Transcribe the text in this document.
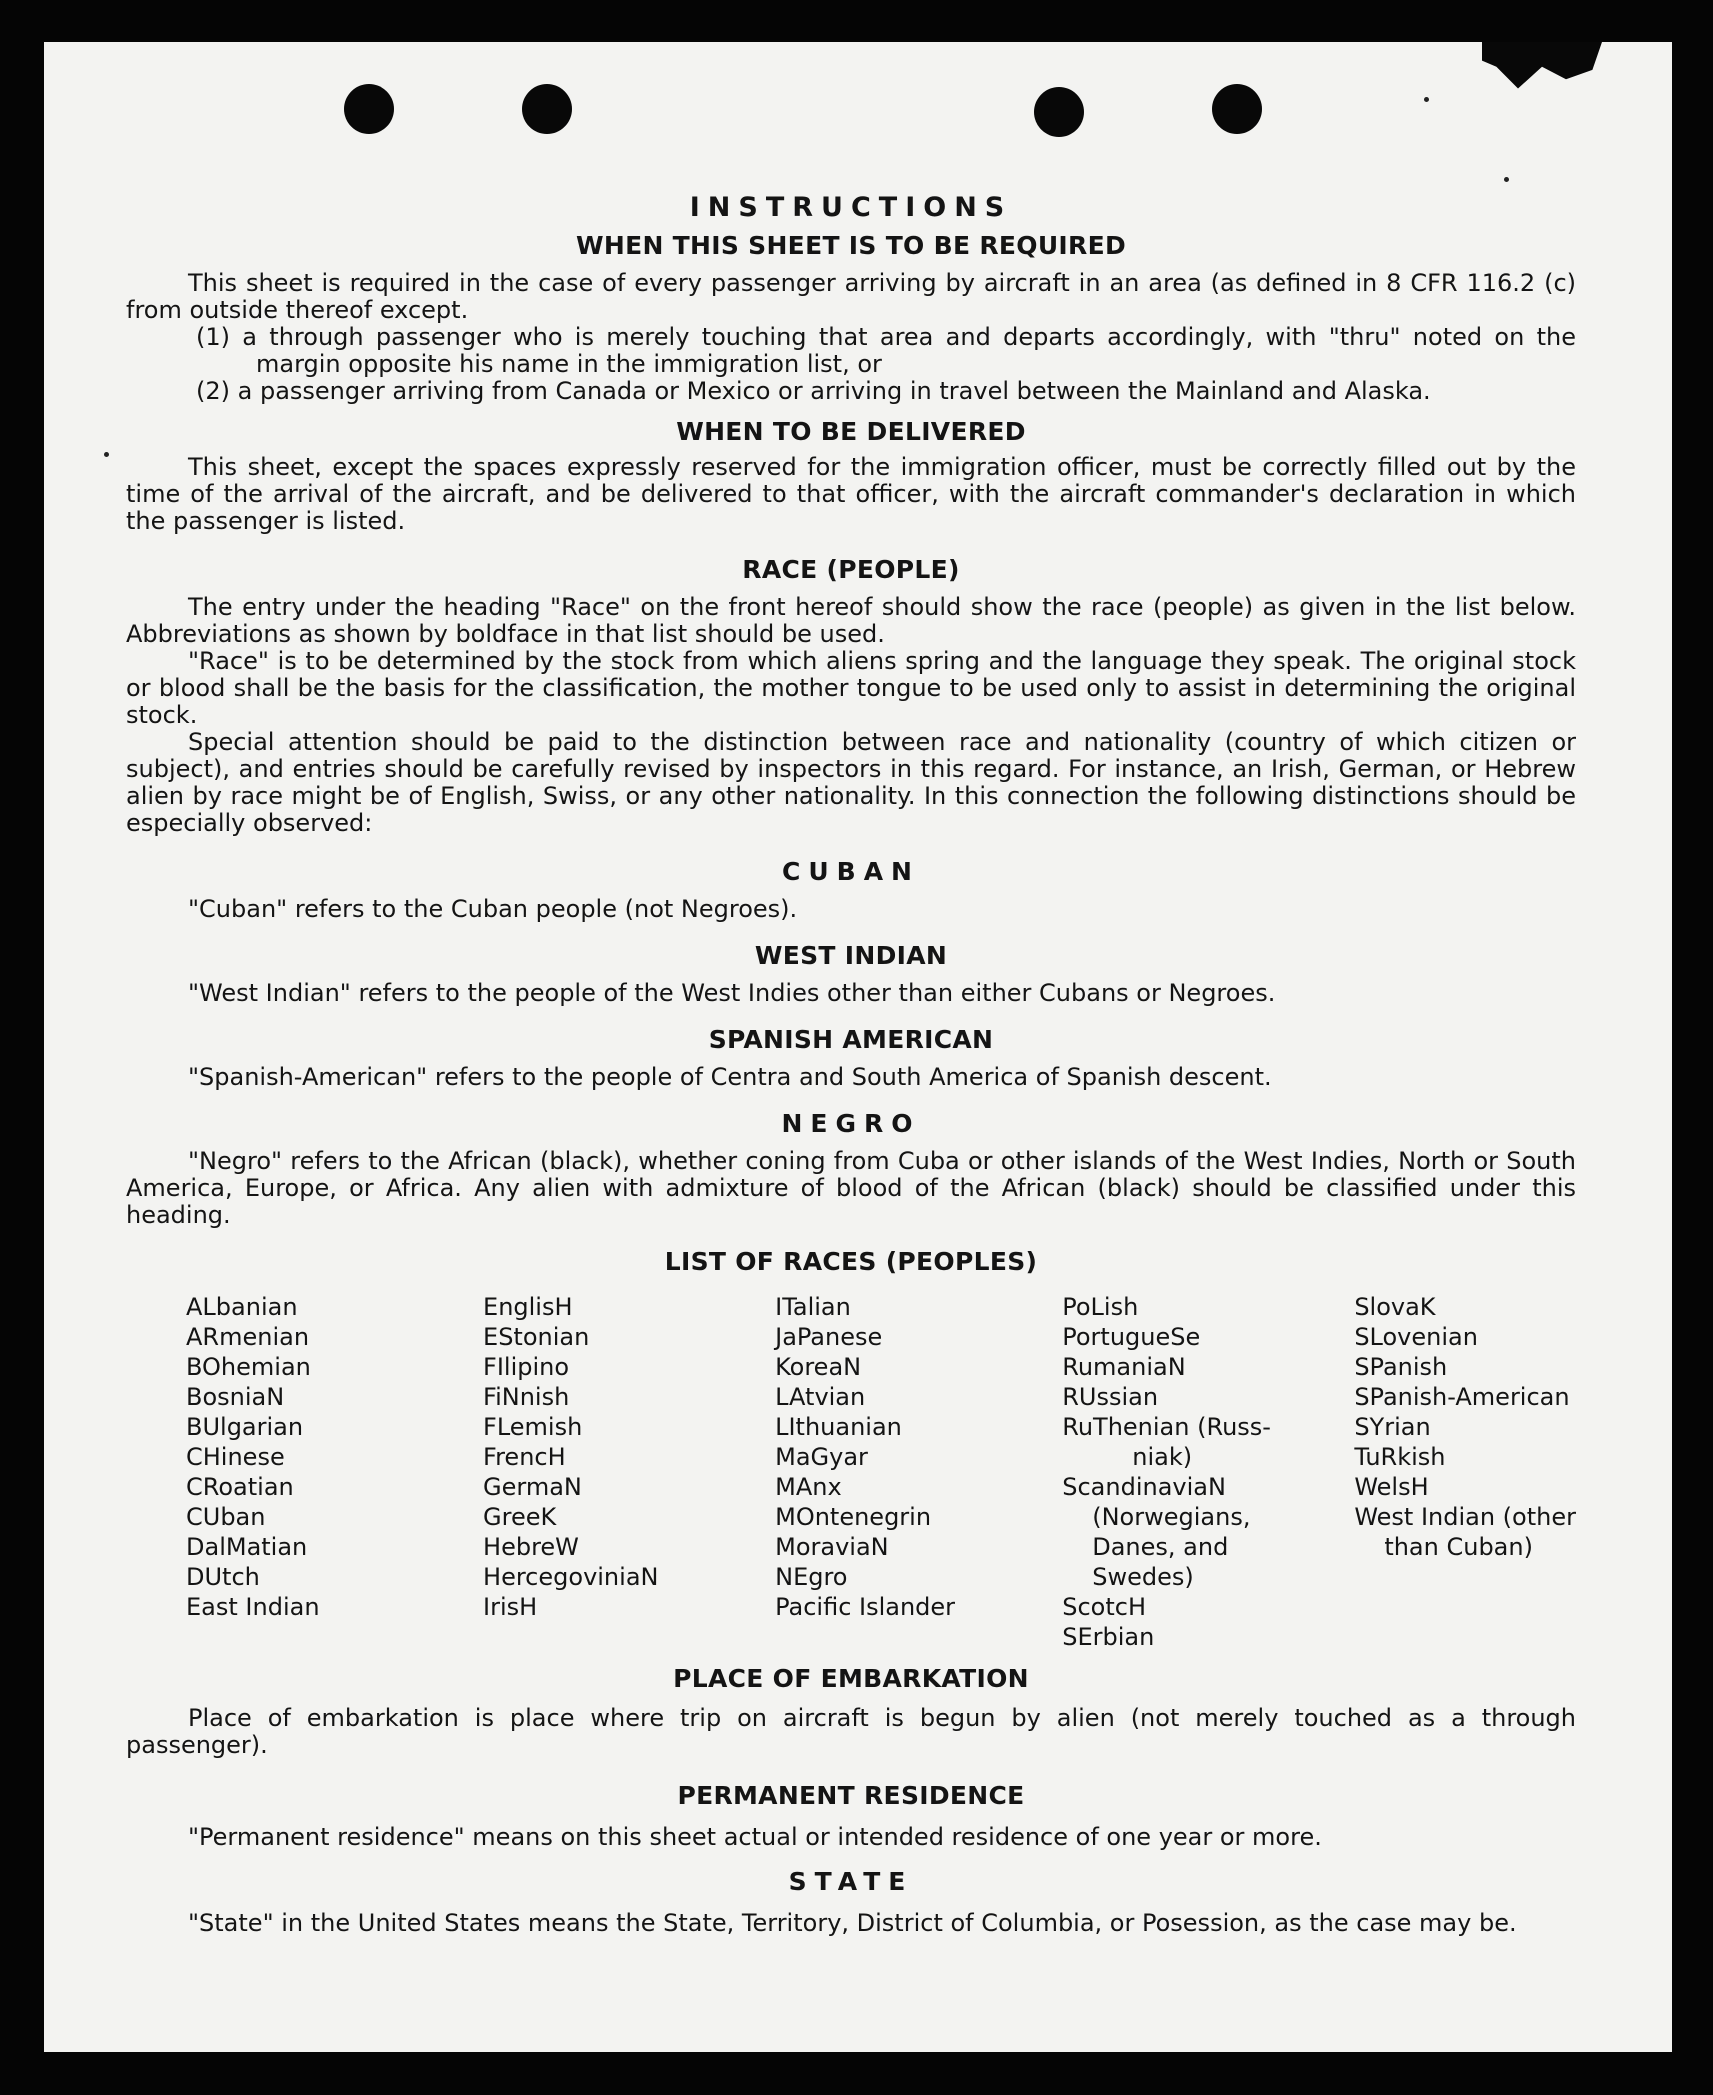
INSTRUCTIONS
WHEN THIS SHEET IS TO BE REQUIRED

This sheet is required in the case of every passenger arriving by aircraft in an area (as defined in 8 CFR 116.2 (c) from outside thereof except.

(1) a through passenger who is merely touching that area and departs accordingly, with "thru" noted on the margin opposite his name in the immigration list, or

(2) a passenger arriving from Canada or Mexico or arriving in travel between the Mainland and Alaska.

WHEN TO BE DELIVERED

This sheet, except the spaces expressly reserved for the immigration officer, must be correctly filled out by the time of the arrival of the aircraft, and be delivered to that officer, with the aircraft commander's declaration in which the passenger is listed.

RACE (PEOPLE)

The entry under the heading "Race" on the front hereof should show the race (people) as given in the list below. Abbreviations as shown by boldface in that list should be used.

"Race" is to be determined by the stock from which aliens spring and the language they speak. The original stock or blood shall be the basis for the classification, the mother tongue to be used only to assist in determining the original stock.

Special attention should be paid to the distinction between race and nationality (country of which citizen or subject), and entries should be carefully revised by inspectors in this regard. For instance, an Irish, German, or Hebrew alien by race might be of English, Swiss, or any other nationality. In this connection the following distinctions should be especially observed:

CUBAN

"Cuban" refers to the Cuban people (not Negroes).

WEST INDIAN

"West Indian" refers to the people of the West Indies other than either Cubans or Negroes.

SPANISH AMERICAN

"Spanish-American" refers to the people of Centra and South America of Spanish descent.

NEGRO

"Negro" refers to the African (black), whether coning from Cuba or other islands of the West Indies, North or South America, Europe, or Africa. Any alien with admixture of blood of the African (black) should be classified under this heading.

LIST OF RACES (PEOPLES)
ALbanian
ARmenian
BOhemian
BosniaN
BUlgarian
CHinese
CRoatian
CUban
DalMatian
DUtch
East Indian
EnglisH
EStonian
FIlipino
FiNnish
FLemish
FrencH
GermaN
GreeK
HebreW
HercegoviniaN
IrisH
ITalian
JaPanese
KoreaN
LAtvian
LIthuanian
MaGyar
MAnx
MOntenegrin
MoraviaN
NEgro
Pacific Islander
PoLish
PortugueSe
RumaniaN
RUssian
RuThenian (Russ-
niak)
ScandinaviaN
(Norwegians,
Danes, and
Swedes)
ScotcH
SErbian
SlovaK
SLovenian
SPanish
SPanish-American
SYrian
TuRkish
WelsH
West Indian (other
than Cuban)
PLACE OF EMBARKATION

Place of embarkation is place where trip on aircraft is begun by alien (not merely touched as a through passenger).

PERMANENT RESIDENCE

"Permanent residence" means on this sheet actual or intended residence of one year or more.

STATE

"State" in the United States means the State, Territory, District of Columbia, or Posession, as the case may be.
